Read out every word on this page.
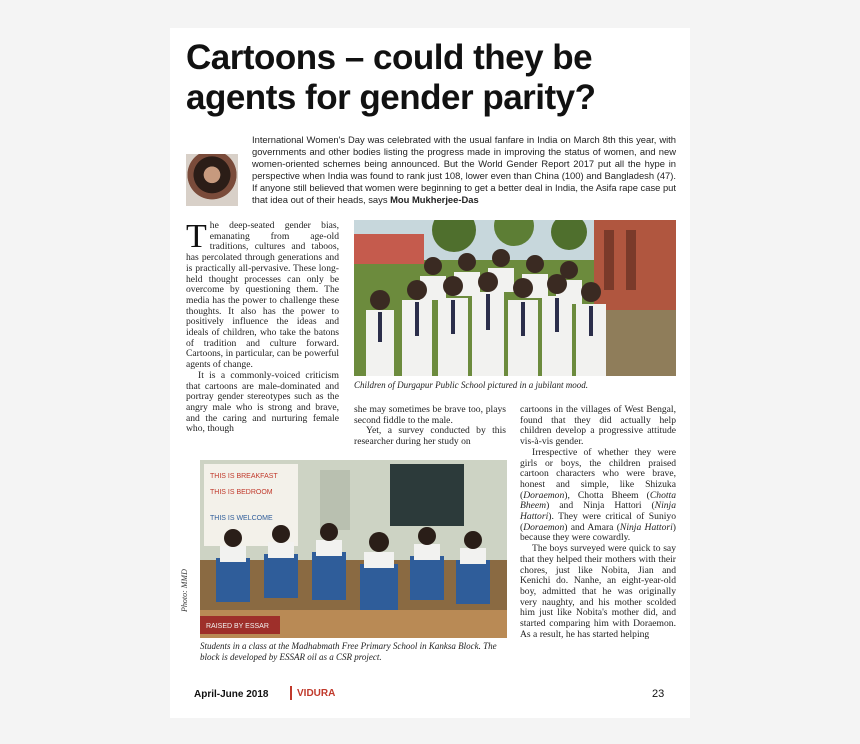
Cartoons – could they be
agents for gender parity?
International Women's Day was celebrated with the usual fanfare in India on March 8th this year, with governments and other bodies listing the progress made in improving the status of women, and new women-oriented schemes being announced. But the World Gender Report 2017 put all the hype in perspective when India was found to rank just 108, lower even than China (100) and Bangladesh (47). If anyone still believed that women were beginning to get a better deal in India, the Asifa rape case put that idea out of their heads, says Mou Mukherjee-Das

The deep-seated gender bias, emanating from age-old traditions, cultures and taboos, has percolated through generations and is practically all-pervasive. These long-held thought processes can only be overcome by questioning them. The media has the power to challenge these thoughts. It also has the power to positively influence the ideas and ideals of children, who take the batons of tradition and culture forward. Cartoons, in particular, can be powerful agents of change.

It is a commonly-voiced criticism that cartoons are male-dominated and portray gender stereotypes such as the angry male who is strong and brave, and the caring and nurturing female who, though

Children of Durgapur Public School pictured in a jubilant mood.

she may sometimes be brave too, plays second fiddle to the male.

Yet, a survey conducted by this researcher during her study on

cartoons in the villages of West Bengal, found that they did actually help children develop a progressive attitude vis-à-vis gender.

Irrespective of whether they were girls or boys, the children praised cartoon characters who were brave, honest and simple, like Shizuka (Doraemon), Chotta Bheem (Chotta Bheem) and Ninja Hattori (Ninja Hattori). They were critical of Suniyo (Doraemon) and Amara (Ninja Hattori) because they were cowardly.

The boys surveyed were quick to say that they helped their mothers with their chores, just like Nobita, Jian and Kenichi do. Nanhe, an eight-year-old boy, admitted that he was originally very naughty, and his mother scolded him just like Nobita's mother did, and started comparing him with Doraemon. As a result, he has started helping

THIS IS BREAKFAST
THIS IS BEDROOM
THIS IS WELCOME
RAISED BY ESSAR
Photo: MMD
Students in a class at the Madhabmath Free Primary School in Kanksa Block. The block is developed by ESSAR oil as a CSR project.
April-June 2018	VIDURA	23
